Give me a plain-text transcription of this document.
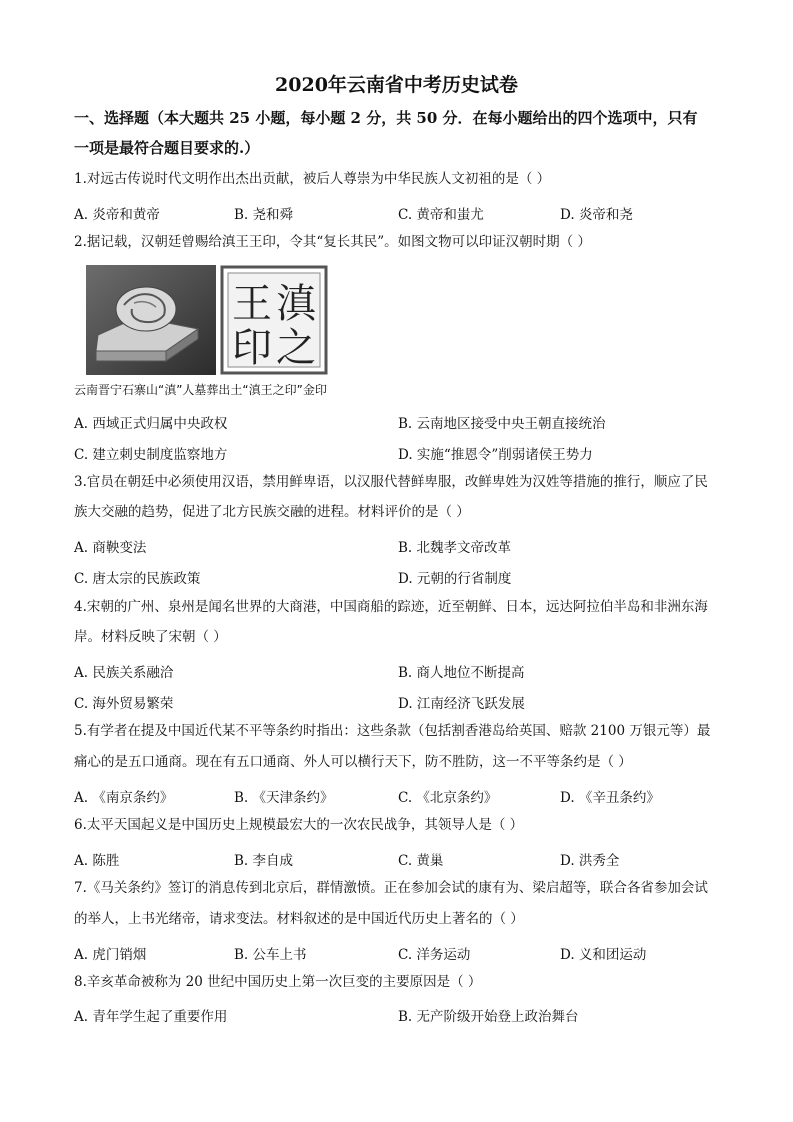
2020年云南省中考历史试卷
一、选择题（本大题共 25 小题，每小题 2 分，共 50 分．在每小题给出的四个选项中，只有
一项是最符合题目要求的.）
1.对远古传说时代文明作出杰出贡献，被后人尊崇为中华民族人文初祖的是（ ）
A. 炎帝和黄帝	B. 尧和舜	C. 黄帝和蚩尤	D. 炎帝和尧
2.据记载，汉朝廷曾赐给滇王王印，令其“复长其民”。如图文物可以印证汉朝时期（ ）
滇
王
之
印
云南晋宁石寨山“滇”人墓葬出土“滇王之印”金印
A. 西域正式归属中央政权	B. 云南地区接受中央王朝直接统治
C. 建立刺史制度监察地方	D. 实施“推恩令”削弱诸侯王势力
3.官员在朝廷中必须使用汉语，禁用鲜卑语，以汉服代替鲜卑服，改鲜卑姓为汉姓等措施的推行，顺应了民
族大交融的趋势，促进了北方民族交融的进程。材料评价的是（ ）
A. 商鞅变法	B. 北魏孝文帝改革
C. 唐太宗的民族政策	D. 元朝的行省制度
4.宋朝的广州、泉州是闻名世界的大商港，中国商船的踪迹，近至朝鲜、日本，远达阿拉伯半岛和非洲东海
岸。材料反映了宋朝（ ）
A. 民族关系融洽	B. 商人地位不断提高
C. 海外贸易繁荣	D. 江南经济飞跃发展
5.有学者在提及中国近代某不平等条约时指出：这些条款（包括割香港岛给英国、赔款 2100 万银元等）最
痛心的是五口通商。现在有五口通商、外人可以横行天下，防不胜防，这一不平等条约是（ ）
A. 《南京条约》	B. 《天津条约》	C. 《北京条约》	D. 《辛丑条约》
6.太平天国起义是中国历史上规模最宏大的一次农民战争，其领导人是（ ）
A. 陈胜	B. 李自成	C. 黄巢	D. 洪秀全
7.《马关条约》签订的消息传到北京后，群情激愤。正在参加会试的康有为、梁启超等，联合各省参加会试
的举人，上书光绪帝，请求变法。材料叙述的是中国近代历史上著名的（ ）
A. 虎门销烟	B. 公车上书	C. 洋务运动	D. 义和团运动
8.辛亥革命被称为 20 世纪中国历史上第一次巨变的主要原因是（ ）
A. 青年学生起了重要作用	B. 无产阶级开始登上政治舞台
